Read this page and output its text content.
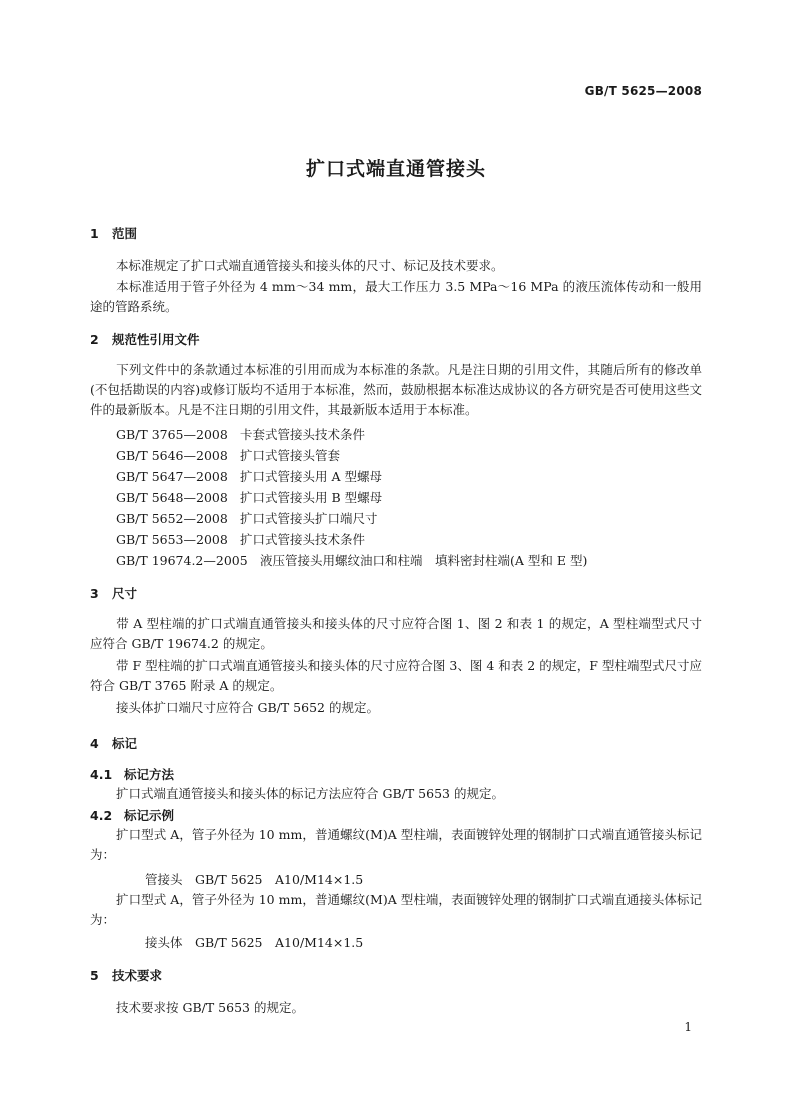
GB/T 5625—2008
扩口式端直通管接头
1 范围
本标准规定了扩口式端直通管接头和接头体的尺寸、标记及技术要求。
本标准适用于管子外径为 4 mm～34 mm，最大工作压力 3.5 MPa～16 MPa 的液压流体传动和一般用途的管路系统。
2 规范性引用文件
下列文件中的条款通过本标准的引用而成为本标准的条款。凡是注日期的引用文件，其随后所有的修改单(不包括勘误的内容)或修订版均不适用于本标准，然而，鼓励根据本标准达成协议的各方研究是否可使用这些文件的最新版本。凡是不注日期的引用文件，其最新版本适用于本标准。
GB/T 3765—2008 卡套式管接头技术条件
GB/T 5646—2008 扩口式管接头管套
GB/T 5647—2008 扩口式管接头用 A 型螺母
GB/T 5648—2008 扩口式管接头用 B 型螺母
GB/T 5652—2008 扩口式管接头扩口端尺寸
GB/T 5653—2008 扩口式管接头技术条件
GB/T 19674.2—2005 液压管接头用螺纹油口和柱端　填料密封柱端(A 型和 E 型)
3 尺寸
带 A 型柱端的扩口式端直通管接头和接头体的尺寸应符合图 1、图 2 和表 1 的规定，A 型柱端型式尺寸应符合 GB/T 19674.2 的规定。
带 F 型柱端的扩口式端直通管接头和接头体的尺寸应符合图 3、图 4 和表 2 的规定，F 型柱端型式尺寸应符合 GB/T 3765 附录 A 的规定。
接头体扩口端尺寸应符合 GB/T 5652 的规定。
4 标记
4.1 标记方法
扩口式端直通管接头和接头体的标记方法应符合 GB/T 5653 的规定。
4.2 标记示例
扩口型式 A，管子外径为 10 mm，普通螺纹(M)A 型柱端，表面镀锌处理的钢制扩口式端直通管接头标记为：
管接头　GB/T 5625　A10/M14×1.5
扩口型式 A，管子外径为 10 mm，普通螺纹(M)A 型柱端，表面镀锌处理的钢制扩口式端直通接头体标记为：
接头体　GB/T 5625　A10/M14×1.5
5 技术要求
技术要求按 GB/T 5653 的规定。
1
